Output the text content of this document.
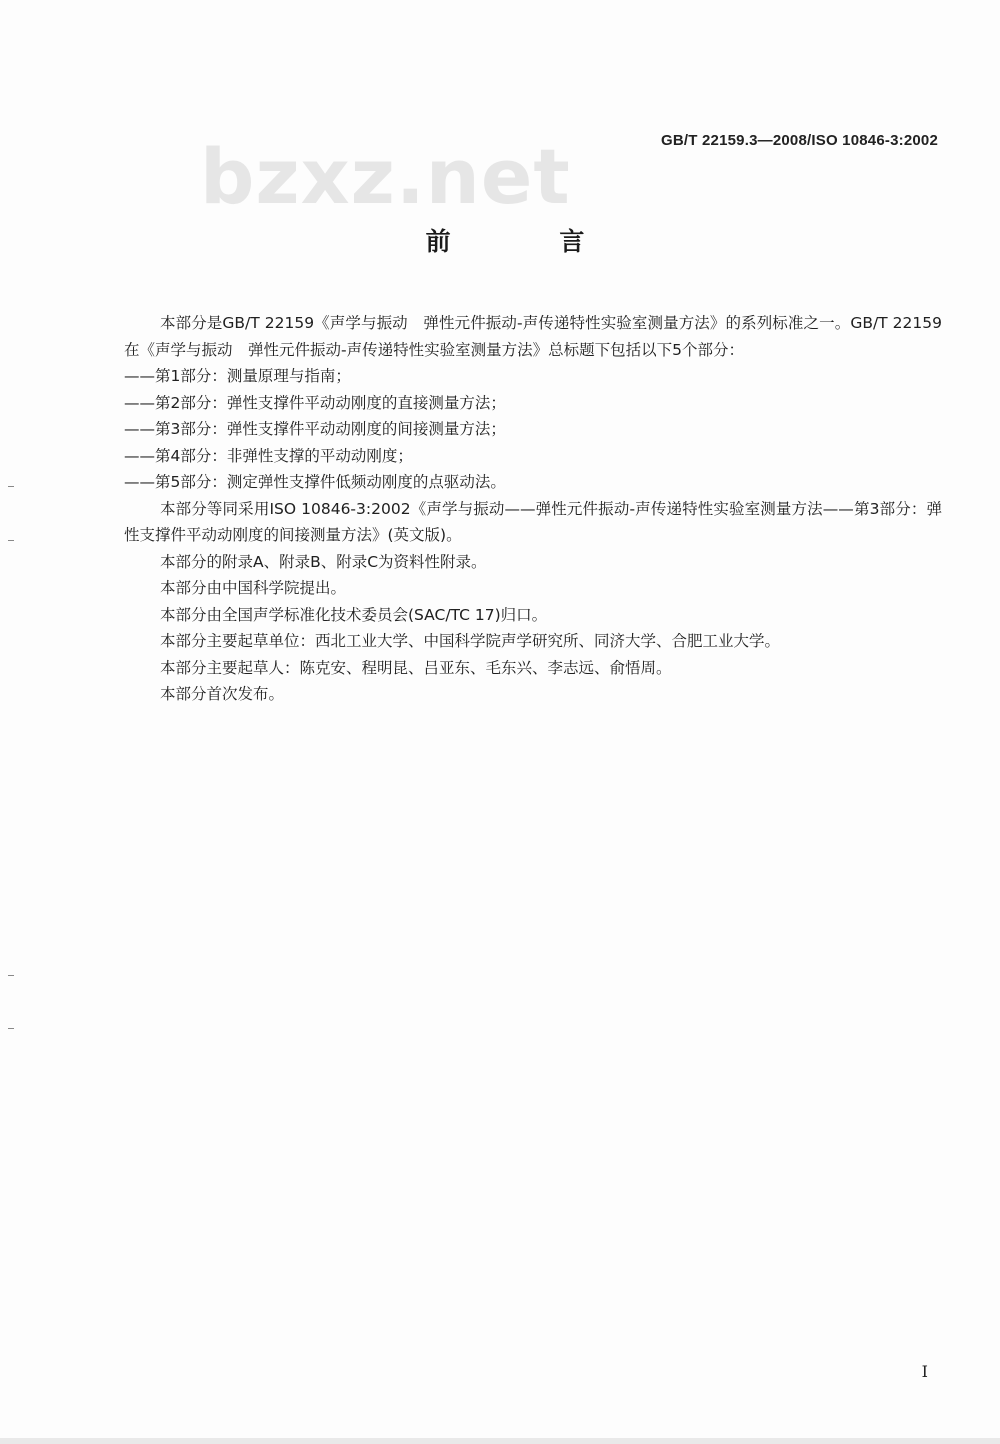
bzxz.net	GB/T 22159.3—2008/ISO 10846-3:2002
前 言

本部分是GB/T 22159《声学与振动　弹性元件振动-声传递特性实验室测量方法》的系列标准之一。GB/T 22159在《声学与振动　弹性元件振动-声传递特性实验室测量方法》总标题下包括以下5个部分：

——第1部分：测量原理与指南；

——第2部分：弹性支撑件平动动刚度的直接测量方法；

——第3部分：弹性支撑件平动动刚度的间接测量方法；

——第4部分：非弹性支撑的平动动刚度；

——第5部分：测定弹性支撑件低频动刚度的点驱动法。

本部分等同采用ISO 10846-3:2002《声学与振动——弹性元件振动-声传递特性实验室测量方法——第3部分：弹性支撑件平动动刚度的间接测量方法》(英文版)。

本部分的附录A、附录B、附录C为资料性附录。

本部分由中国科学院提出。

本部分由全国声学标准化技术委员会(SAC/TC 17)归口。

本部分主要起草单位：西北工业大学、中国科学院声学研究所、同济大学、合肥工业大学。

本部分主要起草人：陈克安、程明昆、吕亚东、毛东兴、李志远、俞悟周。

本部分首次发布。

I
